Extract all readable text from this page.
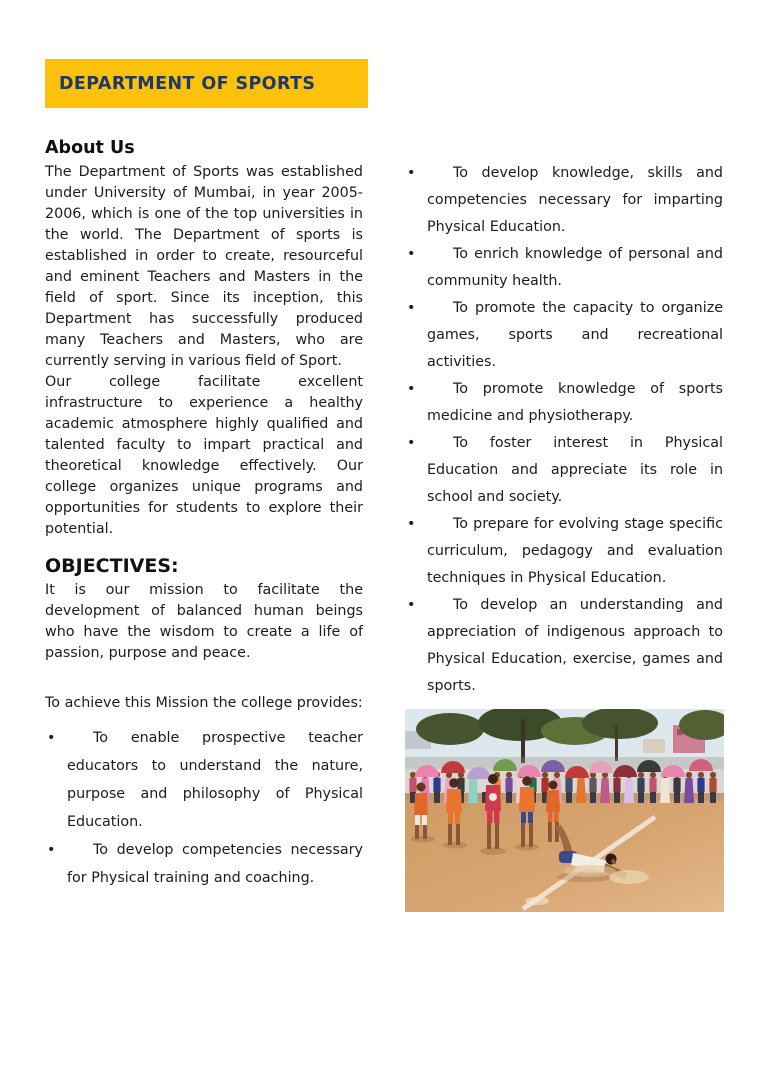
DEPARTMENT OF SPORTS
About Us

The Department of Sports was established under University of Mumbai, in year 2005-2006, which is one of the top universities in the world. The Department of sports is established in order to create, resourceful and eminent Teachers and Masters in the field of sport. Since its inception, this Department has successfully produced many Teachers and Masters, who are currently serving in various field of Sport.

Our college facilitate excellent infrastructure to experience a healthy academic atmosphere highly qualified and talented faculty to impart practical and theoretical knowledge effectively. Our college organizes unique programs and opportunities for students to explore their potential.

OBJECTIVES:

It is our mission to facilitate the development of balanced human beings who have the wisdom to create a life of passion, purpose and peace.

To achieve this Mission the college provides:

•	To enable prospective teacher educators to understand the nature, purpose and philosophy of Physical Education.
•	To develop competencies necessary for Physical training and coaching.
•	To develop knowledge, skills and competencies necessary for imparting Physical Education.
•	To enrich knowledge of personal and community health.
•	To promote the capacity to organize games, sports and recreational activities.
•	To promote knowledge of sports medicine and physiotherapy.
•	To foster interest in Physical Education and appreciate its role in school and society.
•	To prepare for evolving stage specific curriculum, pedagogy and evaluation techniques in Physical Education.
•	To develop an understanding and appreciation of indigenous approach to Physical Education, exercise, games and sports.
